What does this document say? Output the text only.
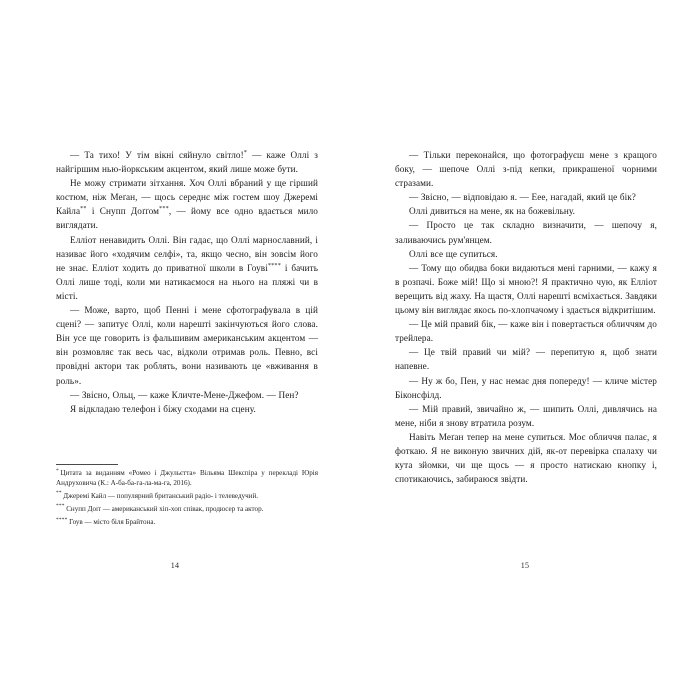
— Та тихо! У тім вікні сяйнуло світло!* — каже Оллі з найгіршим нью-йоркським акцентом, який лише може бути.

Не можу стримати зітхання. Хоч Оллі вбраний у ще гірший костюм, ніж Меґан, — щось середнє між гостем шоу Джеремі Кайла** і Снупп Доґґом***, — йому все одно вдається мило виглядати.

Елліот ненавидить Оллі. Він гадає, що Оллі марнославний, і називає його «ходячим селфі», та, якщо чесно, він зовсім його не знає. Елліот ходить до приватної школи в Гоуві**** і бачить Оллі лише тоді, коли ми натикаємося на нього на пляжі чи в місті.

— Може, варто, щоб Пенні і мене сфотографувала в цій сцені? — запитує Оллі, коли нарешті закінчуються його слова. Він усе ще говорить із фальшивим американським акцентом — він розмовляє так весь час, відколи отримав роль. Певно, всі провідні актори так роблять, вони називають це «вживання в роль».

— Звісно, Ольц, — каже Кличте-Мене-Джефом. — Пен?

Я відкладаю телефон і біжу сходами на сцену.

* Цитата за виданням «Ромео і Джульєтта» Вільяма Шекспіра у перекладі Юрія Андруховича (К.: А-ба-ба-га-ла-ма-га, 2016).

** Джеремі Кайл — популярний британський радіо- і телеведучий.

*** Снупп Доґґ — американський хіп-хоп співак, продюсер та актор.

**** Гоув — місто біля Брайтона.

14

— Тільки переконайся, що фотографуєш мене з кращого боку, — шепоче Оллі з-під кепки, прикрашеної чорними стразами.

— Звісно, — відповідаю я. — Еее, нагадай, який це бік?

Оллі дивиться на мене, як на божевільну.

— Просто це так складно визначити, — шепочу я, заливаючись рум'янцем.

Оллі все ще супиться.

— Тому що обидва боки видаються мені гарними, — кажу я в розпачі. Боже мій! Що зі мною?! Я практично чую, як Елліот верещить від жаху. На щастя, Оллі нарешті всміхається. Завдяки цьому він виглядає якось по-хлопчачому і здається відкритішим.

— Це мій правий бік, — каже він і повертається обличчям до трейлера.

— Це твій правий чи мій? — перепитую я, щоб знати напевне.

— Ну ж бо, Пен, у нас немає дня попереду! — кличе містер Біконсфілд.

— Мій правий, звичайно ж, — шипить Оллі, дивлячись на мене, ніби я знову втратила розум.

Навіть Меґан тепер на мене супиться. Моє обличчя палає, я фоткаю. Я не виконую звичних дій, як-от перевірка спалаху чи кута зйомки, чи ще щось — я просто натискаю кнопку і, спотикаючись, забираюся звідти.

15
